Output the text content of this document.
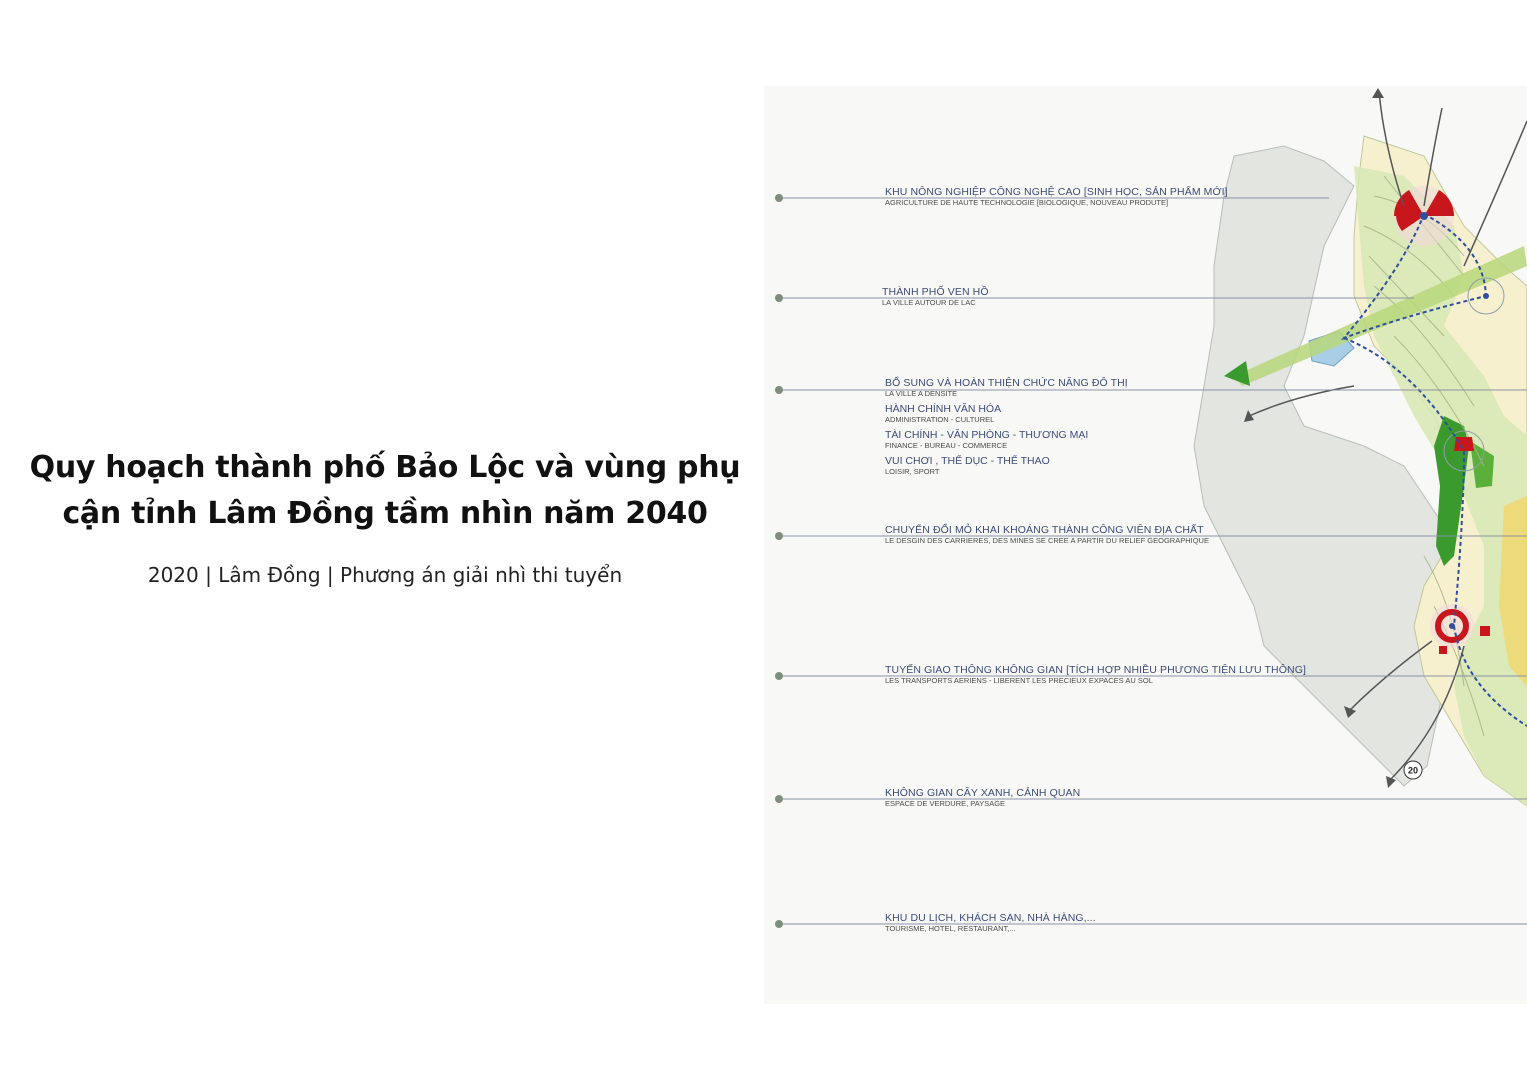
Quy hoạch thành phố Bảo Lộc và vùng phụ cận tỉnh Lâm Đồng tầm nhìn năm 2040
2020 | Lâm Đồng | Phương án giải nhì thi tuyển
20
KHU NÔNG NGHIỆP CÔNG NGHỆ CAO [SINH HỌC, SẢN PHẨM MỚI]
AGRICULTURE DE HAUTE TECHNOLOGIE [BIOLOGIQUE, NOUVEAU PRODUTE]
THÀNH PHỐ VEN HỒ
LA VILLE AUTOUR DE LAC
BỔ SUNG VÀ HOÀN THIỆN CHỨC NĂNG ĐÔ THỊ
LA VILLE A DENSITE
HÀNH CHÍNH VĂN HÓA
ADMINISTRATION - CULTUREL
TÀI CHÍNH - VĂN PHÒNG - THƯƠNG MẠI
FINANCE - BUREAU - COMMERCE
VUI CHƠI , THỂ DỤC - THỂ THAO
LOISIR, SPORT
CHUYỂN ĐỔI MỎ KHAI KHOÁNG THÀNH CÔNG VIÊN ĐỊA CHẤT
LE DESGIN DES CARRIERES, DES MINES SE CREE A PARTIR DU RELIEF GEOGRAPHIQUE
TUYẾN GIAO THÔNG KHÔNG GIAN [TÍCH HỢP NHIỀU PHƯƠNG TIỆN LƯU THÔNG]
LES TRANSPORTS AERIENS - LIBERENT LES PRECIEUX EXPACES AU SOL
KHÔNG GIAN CÂY XANH, CẢNH QUAN
ESPACE DE VERDURE, PAYSAGE
KHU DU LỊCH, KHÁCH SẠN, NHÀ HÀNG,...
TOURISME, HOTEL, RESTAURANT,...
